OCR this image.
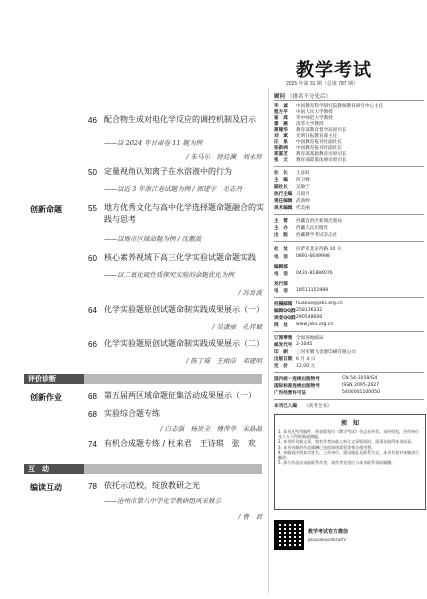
46 配合物生成对电化学反应的调控机制及启示
——以 2024 年甘肃卷 11 题为例
/ 朱马尔　徐廷渊　刘永珍
50 定量视角认知离子在水溶液中的行为
——以近 3 年浙江卷试题为例 / 郭建宇　毛志丹
创新命题	55 地方优秀文化与高中化学选择题命题融合的实践与思考
——以地市区域命题为例 / 沈靓波
60 核心素养视域下高三化学实验试题命题实践
——以二氧化硫性质探究实验的命题优化为例
/ 苏育波
64 化学实验题原创试题命制实践成果展示（一）
/ 吴潇丽　孔祥斌
66 化学实验题原创试题命制实践成果展示（二）
/ 陈丁瑶　王雨洁　邓建明
评价诊断
创新作业	68 第五届两区域命题征集活动成果展示（一）
68 实验综合题专练
/ 白志强　杨世全　傅萍华　宋晶晶
74 有机合成题专练 / 杜来君　王诗琪　张　欢
互　动
编读互动	78 依托示范校，绽放教研之光
——沧州市第八中学化学教研组风采展示
/ 曹　君
教学考试
2025 年第 31 期（总第 787 期）
顾问 （排名不分先后）
毕　诚	中国教育科学研究院教师教育研究中心主任
程方平	中国人民大学教授
崔　鸿	华中师范大学教授
雷　雁	清华大学教授
蒋建华	教育部教育督导局原司长
刘　斌	光明日报教育部主任
汪　泉	中国教育报刊社副社长
张新洲	中国教育报刊社副社长
郑富芝	教育部基础教育司原司长
张　文	教育部政策法规司原司长
社　长	王彦虹
主　编	何卫峰
副社长	吴敏宁
执行主编 马晨月
责任编辑 武萌婷
美术编辑 代美丽
主　管	西藏自治区新闻出版局
主　办	西藏人民出版社
出　版	西藏教学考试杂志社
社　址	拉萨市北京西路 10 号
电　话	0891-6649998
编辑部
电　话	0431-81884076
发行部
电　话	18511151988
投稿邮箱 huaxue@jxks.org.cn
编辑QQ群 258136332
读者QQ群 290548600
网　址	www.jxks.org.cn
订阅零售 全国各地邮局
邮发代号 2-1045
印　刷	三河市腾飞金源印刷有限公司
出版日期 6 月 4 日
定　价	12.00 元
国内统一连续出版物号	CN 54-1058/G4
国际标准连续出版物号	ISSN 2095-2627
广告经营许可证	5400001100050
本刊已入编	《高考全书》
须　知

1. 本刊凡所用稿件，图表版权归《教学考试》杂志社所有。未经授权，任何单位及个人不得转载或摘编。

2. 本刊所刊载文章，如有作者向他人转让文章版权时，需事先取得本刊同意。

3. 本刊刊载的作品稿酬已包括网络版权等相关使用费。

4. 来稿请注明真实姓名、工作单位、通讯地址及联系方式，本刊有权对来稿进行删改。

5. 部分作品因未能联系作者，请作者见刊后与本刊联系领取稿酬。

教学考试官方微信
jiaoxuekaoshizazhi
